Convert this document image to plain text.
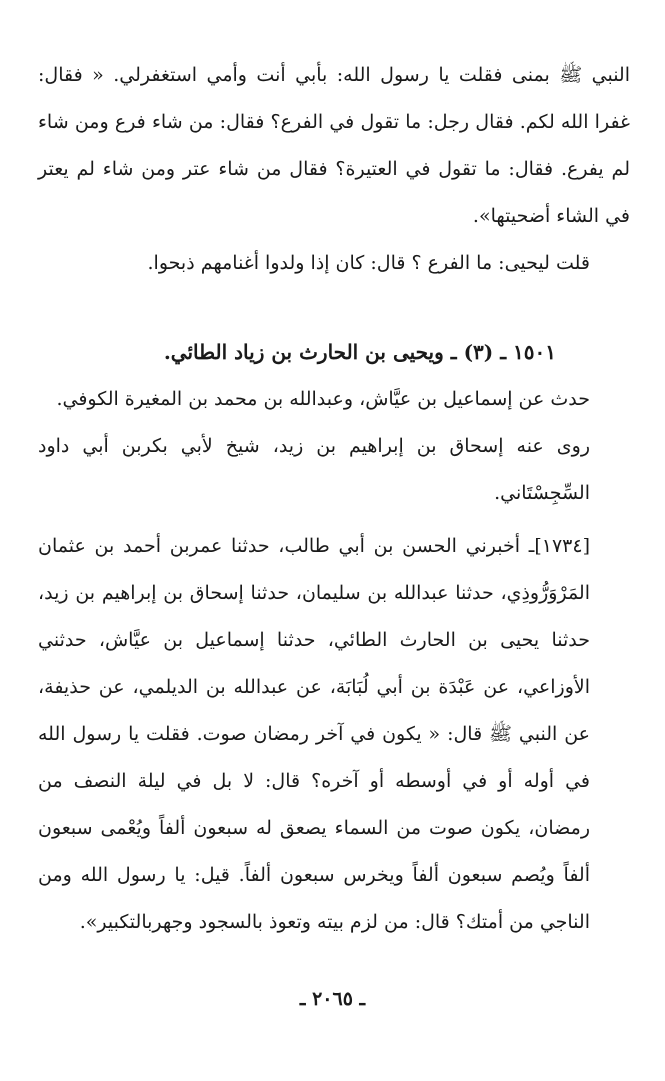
النبي ﷺ بمنى فقلت يا رسول الله: بأبي أنت وأمي استغفرلي. « فقال: غفرا الله لكم. فقال رجل: ما تقول في الفرع؟ فقال: من شاء فرع ومن شاء لم يفرع. فقال: ما تقول في العتيرة؟ فقال من شاء عتر ومن شاء لم يعتر في الشاء أضحيتها».

قلت ليحيى: ما الفرع ؟ قال: كان إذا ولدوا أغنامهم ذبحوا.

١٥٠١ ـ (٣) ـ ويحيى بن الحارث بن زياد الطائي.

حدث عن إسماعيل بن عيَّاش، وعبدالله بن محمد بن المغيرة الكوفي.

روى عنه إسحاق بن إبراهيم بن زيد، شيخ لأبي بكربن أبي داود السِّجِسْتَاني.

[١٧٣٤]ـ أخبرني الحسن بن أبي طالب، حدثنا عمربن أحمد بن عثمان المَرْوَرُّوذِي، حدثنا عبدالله بن سليمان، حدثنا إسحاق بن إبراهيم بن زيد، حدثنا يحيى بن الحارث الطائي، حدثنا إسماعيل بن عيَّاش، حدثني الأوزاعي، عن عَبْدَة بن أبي لُبَابَة، عن عبدالله بن الديلمي، عن حذيفة، عن النبي ﷺ قال: « يكون في آخر رمضان صوت. فقلت يا رسول الله في أوله أو في أوسطه أو آخره؟ قال: لا بل في ليلة النصف من رمضان، يكون صوت من السماء يصعق له سبعون ألفاً ويُعْمى سبعون ألفاً ويُصم سبعون ألفاً ويخرس سبعون ألفاً. قيل: يا رسول الله ومن الناجي من أمتك؟ قال: من لزم بيته وتعوذ بالسجود وجهربالتكبير».

ـ ٢٠٦٥ ـ
